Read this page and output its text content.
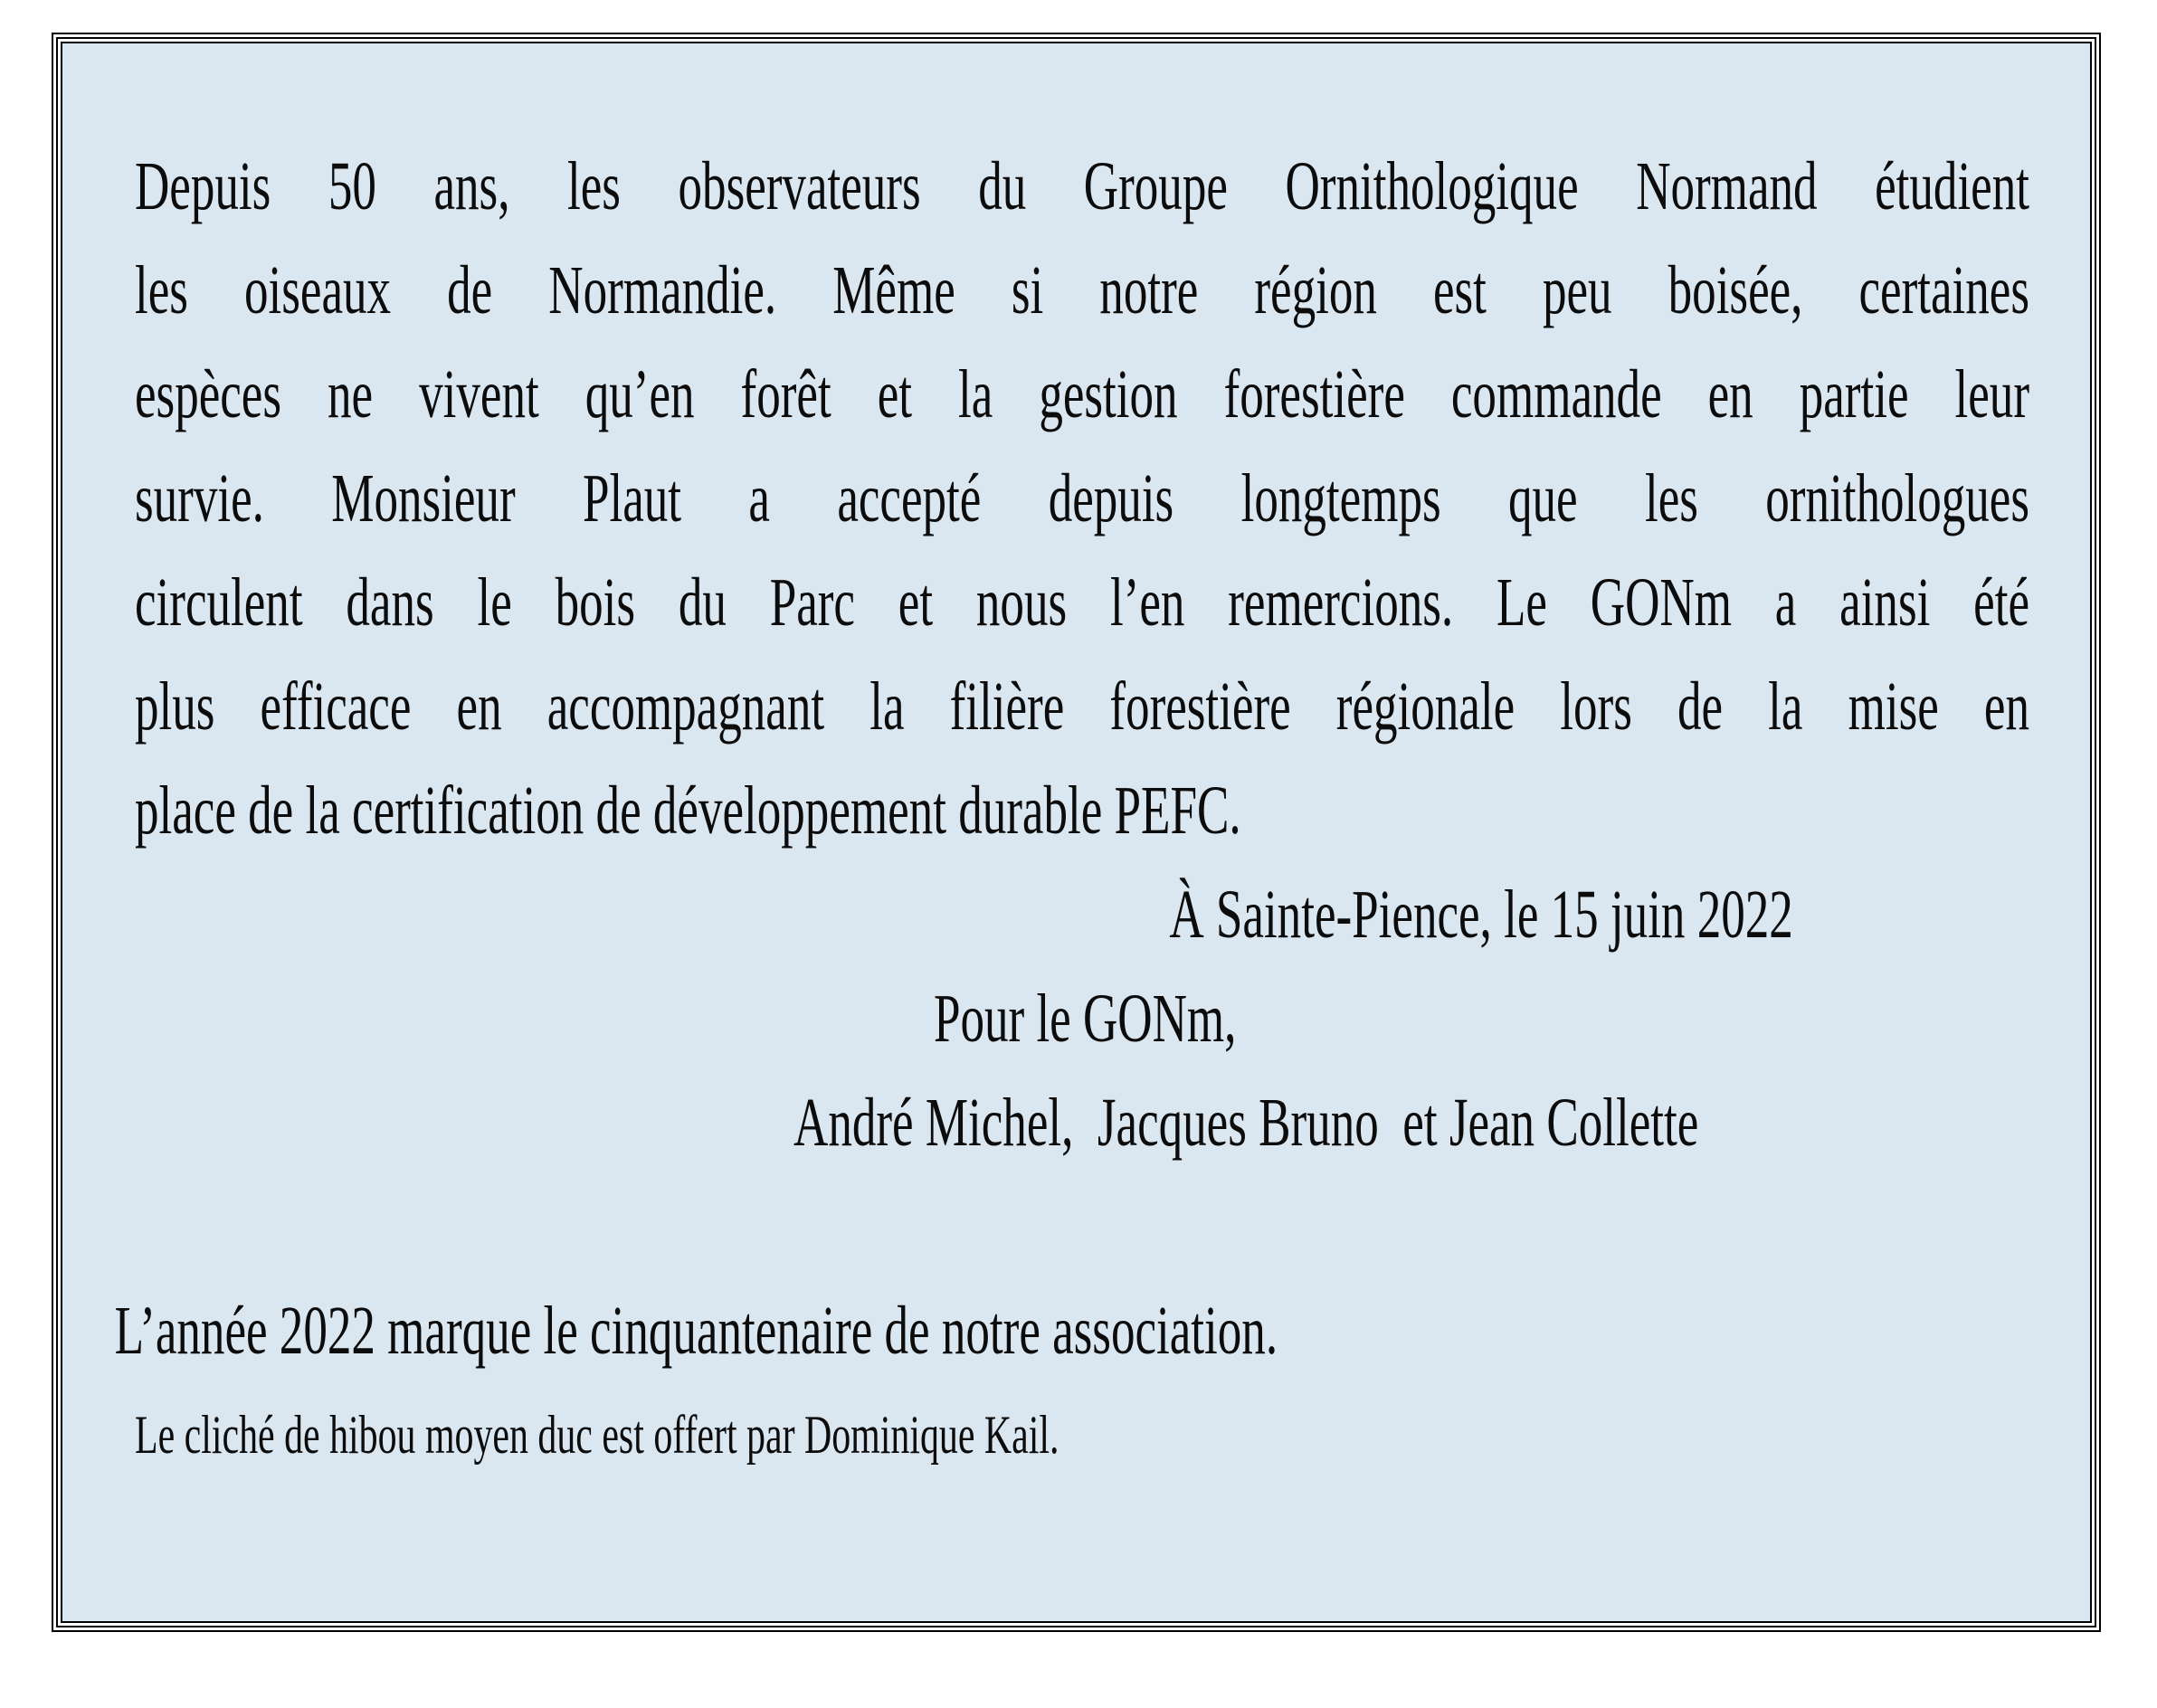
Depuis 50 ans, les observateurs du Groupe Ornithologique Normand étudient
les oiseaux de Normandie. Même si notre région est peu boisée, certaines
espèces ne vivent qu’en forêt et la gestion forestière commande en partie leur
survie. Monsieur Plaut a accepté depuis longtemps que les ornithologues
circulent dans le bois du Parc et nous l’en remercions. Le GONm a ainsi été
plus efficace en accompagnant la filière forestière régionale lors de la mise en
place de la certification de développement durable PEFC.
À Sainte-Pience, le 15 juin 2022
Pour le GONm,
André Michel,  Jacques Bruno  et Jean Collette
L’année 2022 marque le cinquantenaire de notre association.
Le cliché de hibou moyen duc est offert par Dominique Kail.
